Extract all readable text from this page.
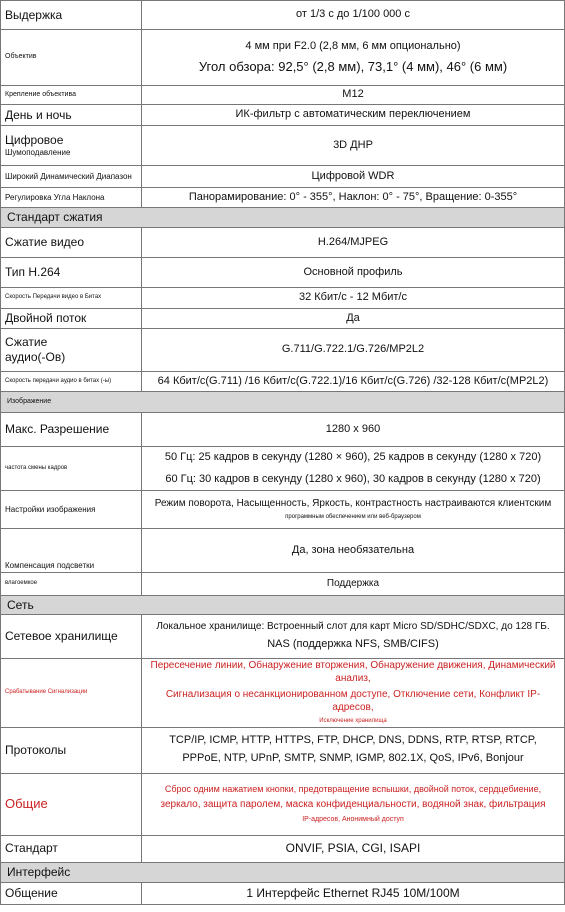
Выдержка	от 1/3 с до 1/100 000 с

Объектив	4 мм при F2.0 (2,8 мм, 6 мм опционально)
Угол обзора: 92,5° (2,8 мм), 73,1° (4 мм), 46° (6 мм)

Крепление объектива	M12

День и ночь	ИК-фильтр с автоматическим переключением

Цифровое
Шумоподавление	3D ДНР

Широкий Динамический Диапазон	Цифровой WDR

Регулировка Угла Наклона	Панорамирование: 0° - 355°, Наклон: 0° - 75°, Вращение: 0-355°

Стандарт сжатия	
Сжатие видео	H.264/MJPEG

Тип H.264	Основной профиль

Скорость Передачи видео в Битах	32 Кбит/с - 12 Мбит/с

Двойной поток	Да

Сжатие
аудио(-Ов)	G.711/G.722.1/G.726/MP2L2

Скорость передачи аудио в битах (-ы)	64 Кбит/с(G.711) /16 Кбит/с(G.722.1)/16 Кбит/с(G.726) /32-128 Кбит/с(MP2L2)

Изображение	
Макс. Разрешение	1280 x 960

частота смены кадров	50 Гц: 25 кадров в секунду (1280 × 960), 25 кадров в секунду (1280 x 720)
60 Гц: 30 кадров в секунду (1280 x 960), 30 кадров в секунду (1280 x 720)

Настройки изображения	Режим поворота, Насыщенность, Яркость, контрастность настраиваются клиентским
программным обеспечением или веб-браузером

Компенсация подсветки	Да, зона необязательна

влагоемкое	Поддержка

Сеть	
Сетевое хранилище	Локальное хранилище: Встроенный слот для карт Micro SD/SDHC/SDXC, до 128 ГБ.
NAS (поддержка NFS, SMB/CIFS)

Срабатывание Сигнализации	Пересечение линии, Обнаружение вторжения, Обнаружение движения, Динамический анализ,
Сигнализация о несанкционированном доступе, Отключение сети, Конфликт IP-адресов,
Исключение хранилища

Протоколы	TCP/IP, ICMP, HTTP, HTTPS, FTP, DHCP, DNS, DDNS, RTP, RTSP, RTCP,
PPPoE, NTP, UPnP, SMTP, SNMP, IGMP, 802.1X, QoS, IPv6, Bonjour

Общие	Сброс одним нажатием кнопки, предотвращение вспышки, двойной поток, сердцебиение,
зеркало, защита паролем, маска конфиденциальности, водяной знак, фильтрация
IP-адресов, Анонимный доступ

Стандарт	ONVIF, PSIA, CGI, ISAPI

Интерфейс	
Общение	1 Интерфейс Ethernet RJ45 10M/100M
